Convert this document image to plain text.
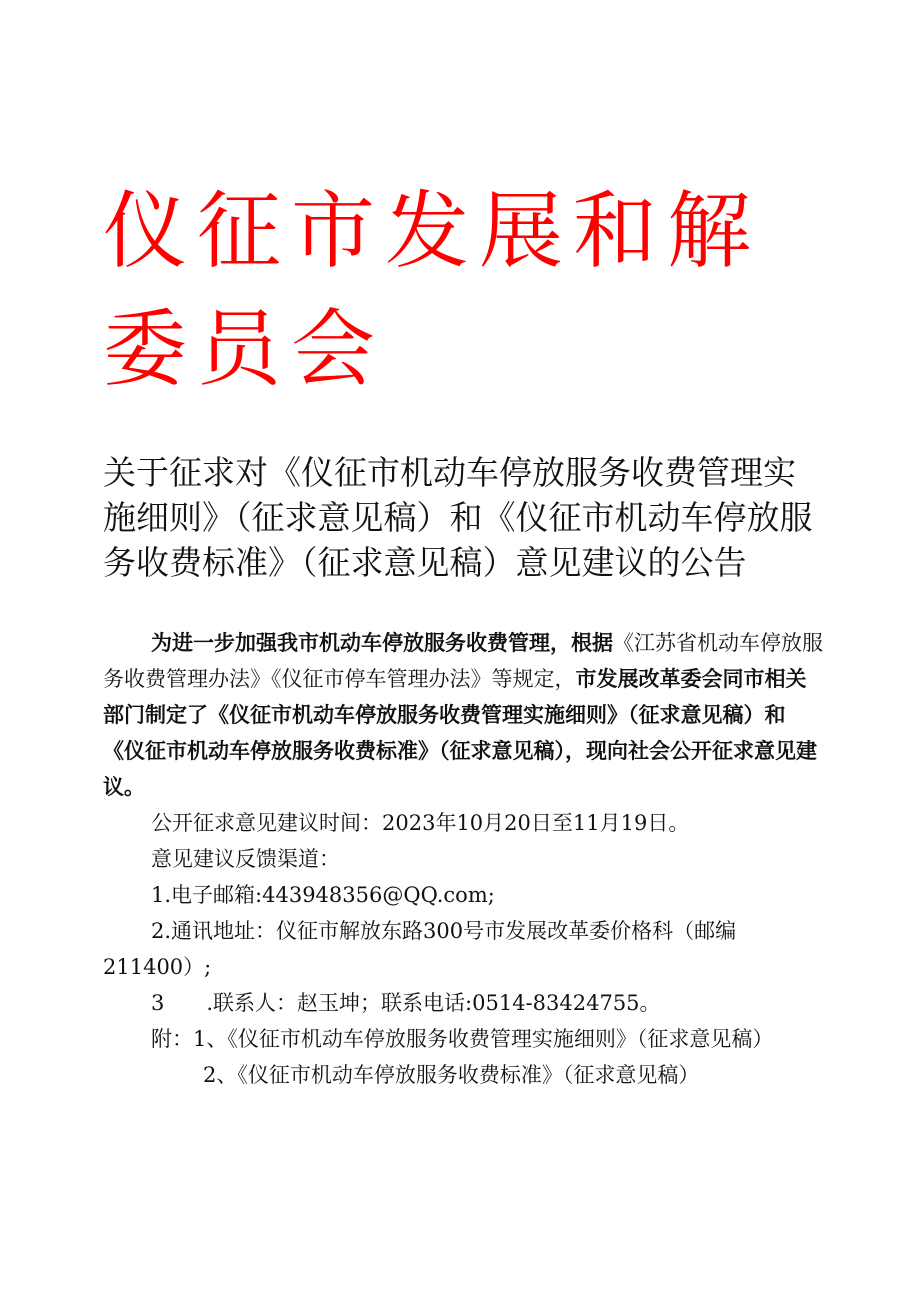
仪征市发展和解委员会
关于征求对《仪征市机动车停放服务收费管理实施细则》（征求意见稿）和《仪征市机动车停放服务收费标准》（征求意见稿）意见建议的公告

为进一步加强我市机动车停放服务收费管理，根据《江苏省机动车停放服务收费管理办法》《仪征市停车管理办法》等规定，市发展改革委会同市相关部门制定了《仪征市机动车停放服务收费管理实施细则》（征求意见稿）和《仪征市机动车停放服务收费标准》（征求意见稿），现向社会公开征求意见建议。

公开征求意见建议时间：2023年10月20日至11月19日。

意见建议反馈渠道：

1.电子邮箱:443948356@QQ.com;

2.通讯地址：仪征市解放东路300号市发展改革委价格科（邮编211400）;

3　　.联系人：赵玉坤；联系电话:0514-83424755。

附：1、《仪征市机动车停放服务收费管理实施细则》（征求意见稿）

2、《仪征市机动车停放服务收费标准》（征求意见稿）
